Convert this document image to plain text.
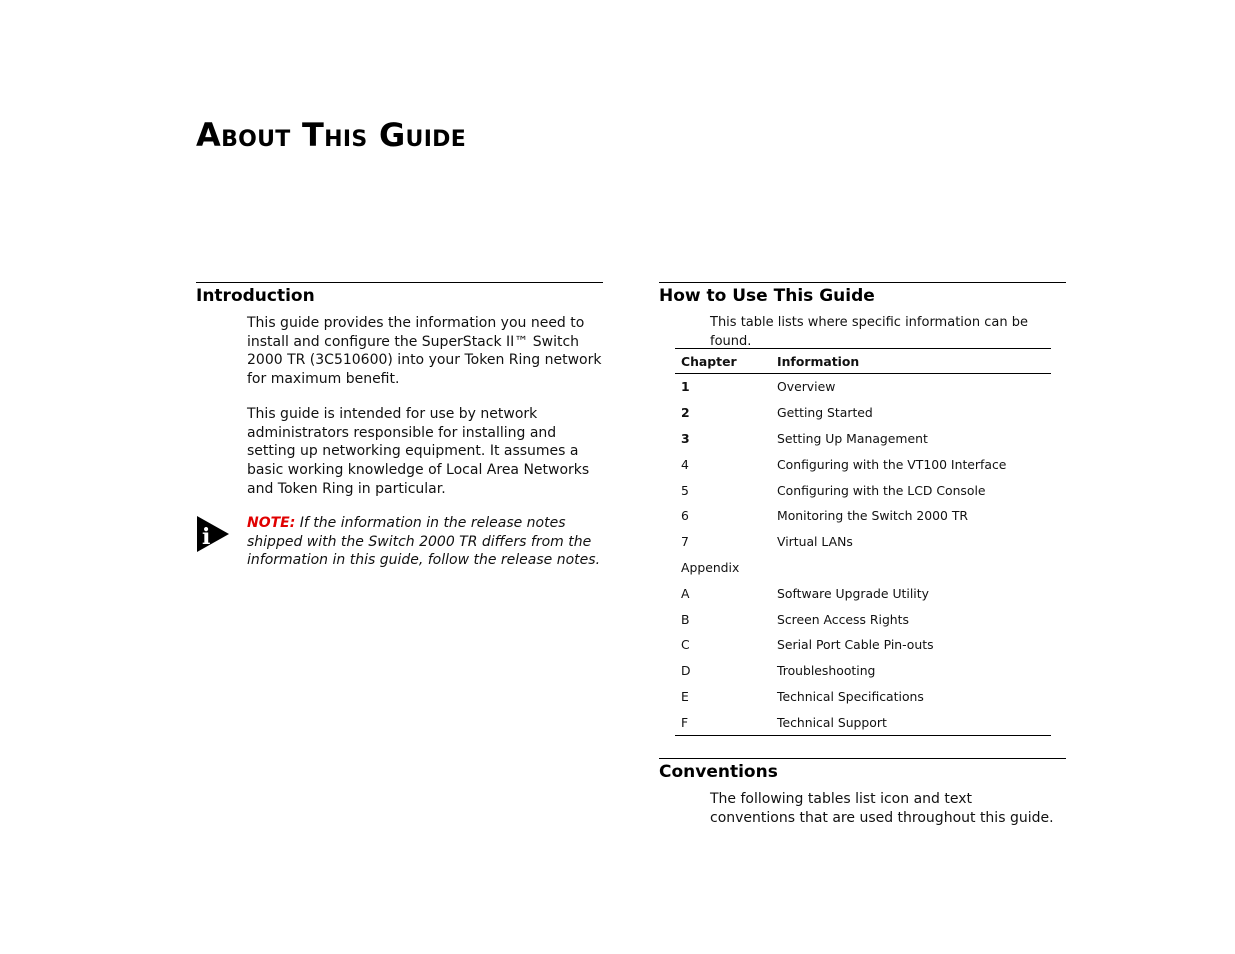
About This Guide
Introduction

This guide provides the information you need to install and configure the SuperStack II™ Switch 2000 TR (3C510600) into your Token Ring network for maximum benefit.

This guide is intended for use by network administrators responsible for installing and setting up networking equipment. It assumes a basic working knowledge of Local Area Networks and Token Ring in particular.

i

NOTE: If the information in the release notes shipped with the Switch 2000 TR differs from the information in this guide, follow the release notes.

How to Use This Guide

This table lists where specific information can be found.

Chapter	Information
1	Overview
2	Getting Started
3	Setting Up Management
4	Configuring with the VT100 Interface
5	Configuring with the LCD Console
6	Monitoring the Switch 2000 TR
7	Virtual LANs
Appendix	
A	Software Upgrade Utility
B	Screen Access Rights
C	Serial Port Cable Pin-outs
D	Troubleshooting
E	Technical Specifications
F	Technical Support
Conventions

The following tables list icon and text conventions that are used throughout this guide.
